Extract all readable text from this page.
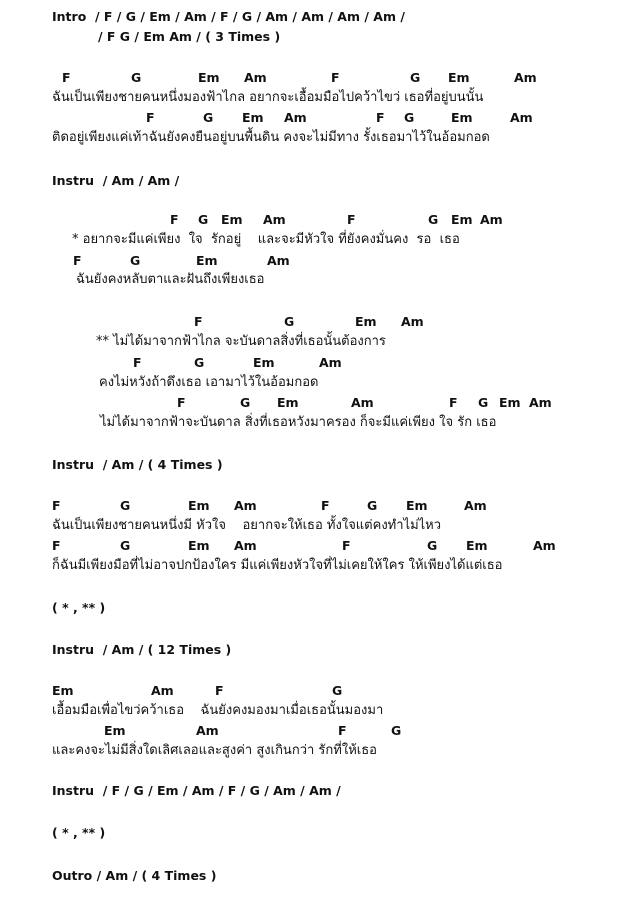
Intro  / F / G / Em / Am / F / G / Am / Am / Am / Am /
/ F G / Em Am / ( 3 Times )
F	G	Em Am	F	G Em	Am
ฉันเป็นเพียงชายคนหนึ่งมองฟ้าไกล อยากจะเอื้อมมือไปคว้าไขว่ เธอที่อยู่บนนั้น
F	G Em Am	F G	Em	Am
ติดอยู่เพียงแค่เท้าฉันยังคงยืนอยู่บนพื้นดิน คงจะไม่มีทาง รั้งเธอมาไว้ในอ้อมกอด
Instru  / Am / Am /
F G Em Am	F	G Em Am
* อยากจะมีแค่เพียง  ใจ  รักอยู่    และจะมีหัวใจ ที่ยังคงมั่นคง  รอ  เธอ
F	G	Em	Am
ฉันยังคงหลับตาและฝันถึงเพียงเธอ
F	G	Em Am
** ไม่ได้มาจากฟ้าไกล จะบันดาลสิ่งที่เธอนั้นต้องการ
F	G	Em	Am
คงไม่หวังถ้าดึงเธอ เอามาไว้ในอ้อมกอด
F	G Em	Am	F G Em Am
ไม่ได้มาจากฟ้าจะบันดาล สิ่งที่เธอหวังมาครอง ก็จะมีแค่เพียง ใจ รัก เธอ
Instru  / Am / ( 4 Times )
F	G	Em Am	F	G Em	Am
ฉันเป็นเพียงชายคนหนึ่งมี หัวใจ    อยากจะให้เธอ ทั้งใจแต่คงทำไม่ไหว
F	G	Em Am	F	G Em	Am
ก็ฉันมีเพียงมือที่ไม่อาจปกป้องใคร มีแค่เพียงหัวใจที่ไม่เคยให้ใคร ให้เพียงได้แต่เธอ
( * , ** )
Instru  / Am / ( 12 Times )
Em	Am	F	G
เอื้อมมือเพื่อไขว่คว้าเธอ    ฉันยังคงมองมาเมื่อเธอนั้นมองมา
Em	Am	F	G
และคงจะไม่มีสิ่งใดเลิศเลอและสูงค่า สูงเกินกว่า รักที่ให้เธอ
Instru  / F / G / Em / Am / F / G / Am / Am /
( * , ** )
Outro / Am / ( 4 Times )
